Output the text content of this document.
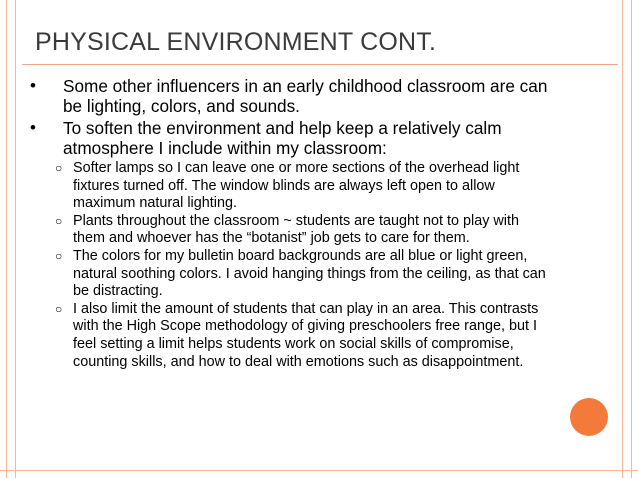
PHYSICAL ENVIRONMENT CONT.
• Some other influencers in an early childhood classroom are can be lighting, colors, and sounds.
• To soften the environment and help keep a relatively calm atmosphere I include within my classroom:
○ Softer lamps so I can leave one or more sections of the overhead light fixtures turned off. The window blinds are always left open to allow maximum natural lighting.
○ Plants throughout the classroom ~ students are taught not to play with them and whoever has the “botanist” job gets to care for them.
○ The colors for my bulletin board backgrounds are all blue or light green, natural soothing colors. I avoid hanging things from the ceiling, as that can be distracting.
○ I also limit the amount of students that can play in an area. This contrasts with the High Scope methodology of giving preschoolers free range, but I feel setting a limit helps students work on social skills of compromise, counting skills, and how to deal with emotions such as disappointment.
